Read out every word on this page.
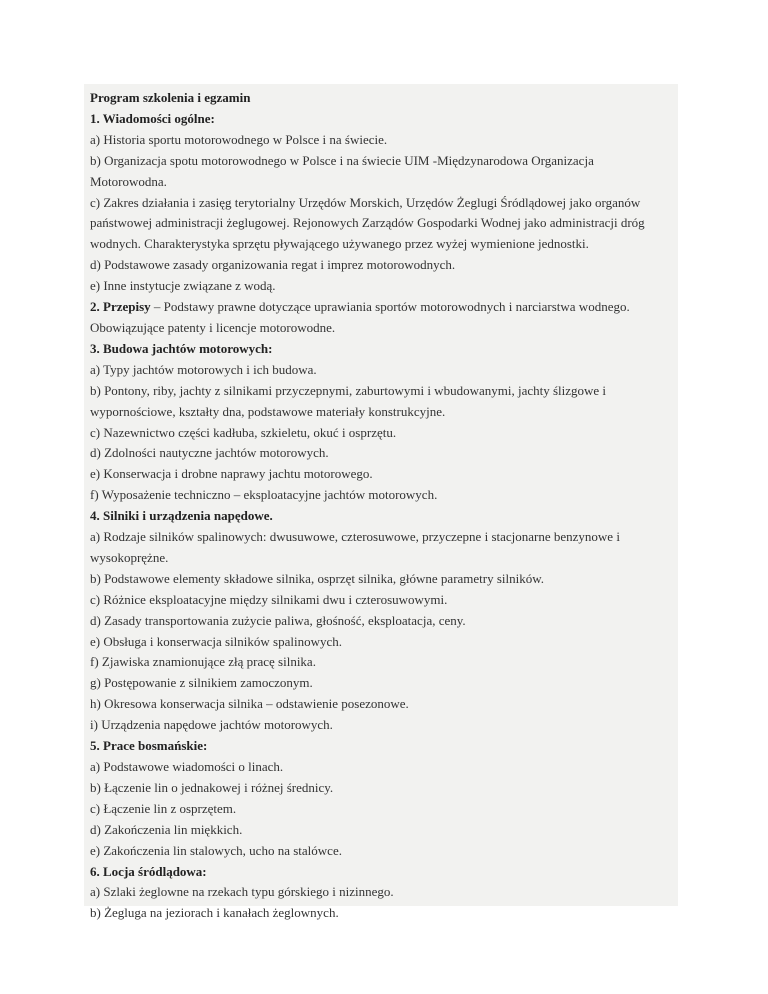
Program szkolenia i egzamin
1. Wiadomości ogólne:
a) Historia sportu motorowodnego w Polsce i na świecie.
b) Organizacja spotu motorowodnego w Polsce i na świecie UIM -Międzynarodowa Organizacja
Motorowodna.
c) Zakres działania i zasięg terytorialny Urzędów Morskich, Urzędów Żeglugi Śródlądowej jako organów
państwowej administracji żeglugowej. Rejonowych Zarządów Gospodarki Wodnej jako administracji dróg
wodnych. Charakterystyka sprzętu pływającego używanego przez wyżej wymienione jednostki.
d) Podstawowe zasady organizowania regat i imprez motorowodnych.
e) Inne instytucje związane z wodą.
2. Przepisy – Podstawy prawne dotyczące uprawiania sportów motorowodnych i narciarstwa wodnego.
Obowiązujące patenty i licencje motorowodne.
3. Budowa jachtów motorowych:
a) Typy jachtów motorowych i ich budowa.
b) Pontony, riby, jachty z silnikami przyczepnymi, zaburtowymi i wbudowanymi, jachty ślizgowe i
wypornościowe, kształty dna, podstawowe materiały konstrukcyjne.
c) Nazewnictwo części kadłuba, szkieletu, okuć i osprzętu.
d) Zdolności nautyczne jachtów motorowych.
e) Konserwacja i drobne naprawy jachtu motorowego.
f) Wyposażenie techniczno – eksploatacyjne jachtów motorowych.
4. Silniki i urządzenia napędowe.
a) Rodzaje silników spalinowych: dwusuwowe, czterosuwowe, przyczepne i stacjonarne benzynowe i
wysokoprężne.
b) Podstawowe elementy składowe silnika, osprzęt silnika, główne parametry silników.
c) Różnice eksploatacyjne między silnikami dwu i czterosuwowymi.
d) Zasady transportowania zużycie paliwa, głośność, eksploatacja, ceny.
e) Obsługa i konserwacja silników spalinowych.
f) Zjawiska znamionujące złą pracę silnika.
g) Postępowanie z silnikiem zamoczonym.
h) Okresowa konserwacja silnika – odstawienie posezonowe.
i) Urządzenia napędowe jachtów motorowych.
5. Prace bosmańskie:
a) Podstawowe wiadomości o linach.
b) Łączenie lin o jednakowej i różnej średnicy.
c) Łączenie lin z osprzętem.
d) Zakończenia lin miękkich.
e) Zakończenia lin stalowych, ucho na stalówce.
6. Locja śródlądowa:
a) Szlaki żeglowne na rzekach typu górskiego i nizinnego.
b) Żegluga na jeziorach i kanałach żeglownych.
